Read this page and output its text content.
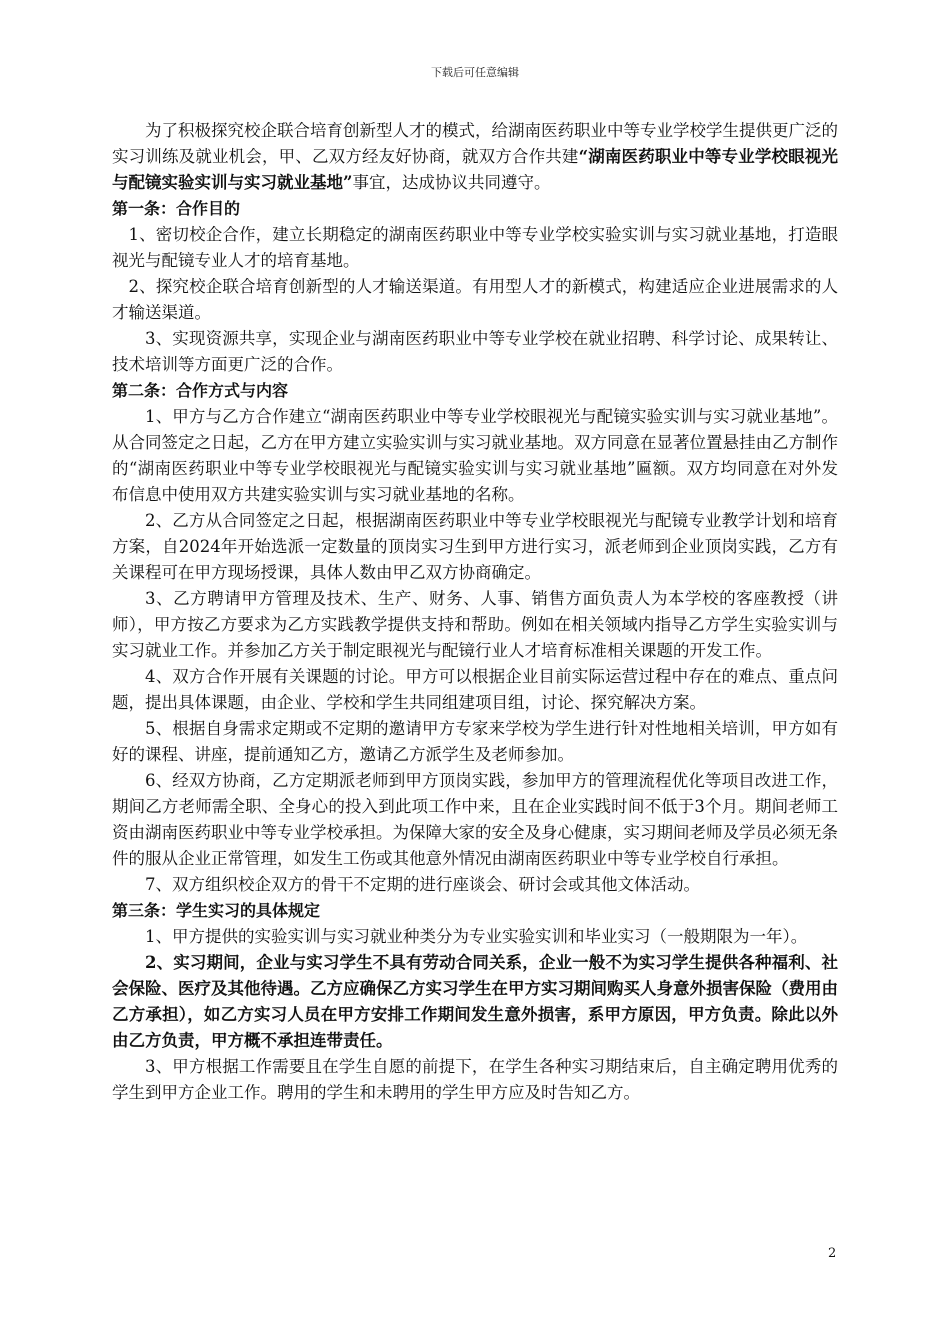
下载后可任意编辑

为了积极探究校企联合培育创新型人才的模式，给湖南医药职业中等专业学校学生提供更广泛的实习训练及就业机会，甲、乙双方经友好协商，就双方合作共建“湖南医药职业中等专业学校眼视光与配镜实验实训与实习就业基地”事宜，达成协议共同遵守。

第一条：合作目的

1、密切校企合作，建立长期稳定的湖南医药职业中等专业学校实验实训与实习就业基地，打造眼视光与配镜专业人才的培育基地。

2、探究校企联合培育创新型的人才输送渠道。有用型人才的新模式，构建适应企业进展需求的人才输送渠道。

3、实现资源共享，实现企业与湖南医药职业中等专业学校在就业招聘、科学讨论、成果转让、技术培训等方面更广泛的合作。

第二条：合作方式与内容

1、甲方与乙方合作建立“湖南医药职业中等专业学校眼视光与配镜实验实训与实习就业基地”。从合同签定之日起，乙方在甲方建立实验实训与实习就业基地。双方同意在显著位置悬挂由乙方制作的“湖南医药职业中等专业学校眼视光与配镜实验实训与实习就业基地”匾额。双方均同意在对外发布信息中使用双方共建实验实训与实习就业基地的名称。

2、乙方从合同签定之日起，根据湖南医药职业中等专业学校眼视光与配镜专业教学计划和培育方案，自2024年开始选派一定数量的顶岗实习生到甲方进行实习，派老师到企业顶岗实践，乙方有关课程可在甲方现场授课，具体人数由甲乙双方协商确定。

3、乙方聘请甲方管理及技术、生产、财务、人事、销售方面负责人为本学校的客座教授（讲师），甲方按乙方要求为乙方实践教学提供支持和帮助。例如在相关领域内指导乙方学生实验实训与实习就业工作。并参加乙方关于制定眼视光与配镜行业人才培育标准相关课题的开发工作。

4、双方合作开展有关课题的讨论。甲方可以根据企业目前实际运营过程中存在的难点、重点问题，提出具体课题，由企业、学校和学生共同组建项目组，讨论、探究解决方案。

5、根据自身需求定期或不定期的邀请甲方专家来学校为学生进行针对性地相关培训，甲方如有好的课程、讲座，提前通知乙方，邀请乙方派学生及老师参加。

6、经双方协商，乙方定期派老师到甲方顶岗实践，参加甲方的管理流程优化等项目改进工作，期间乙方老师需全职、全身心的投入到此项工作中来，且在企业实践时间不低于3个月。期间老师工资由湖南医药职业中等专业学校承担。为保障大家的安全及身心健康，实习期间老师及学员必须无条件的服从企业正常管理，如发生工伤或其他意外情况由湖南医药职业中等专业学校自行承担。

7、双方组织校企双方的骨干不定期的进行座谈会、研讨会或其他文体活动。

第三条：学生实习的具体规定

1、甲方提供的实验实训与实习就业种类分为专业实验实训和毕业实习（一般期限为一年）。

2、实习期间，企业与实习学生不具有劳动合同关系，企业一般不为实习学生提供各种福利、社会保险、医疗及其他待遇。乙方应确保乙方实习学生在甲方实习期间购买人身意外损害保险（费用由乙方承担），如乙方实习人员在甲方安排工作期间发生意外损害，系甲方原因，甲方负责。除此以外由乙方负责，甲方概不承担连带责任。

3、甲方根据工作需要且在学生自愿的前提下，在学生各种实习期结束后，自主确定聘用优秀的学生到甲方企业工作。聘用的学生和未聘用的学生甲方应及时告知乙方。

2
